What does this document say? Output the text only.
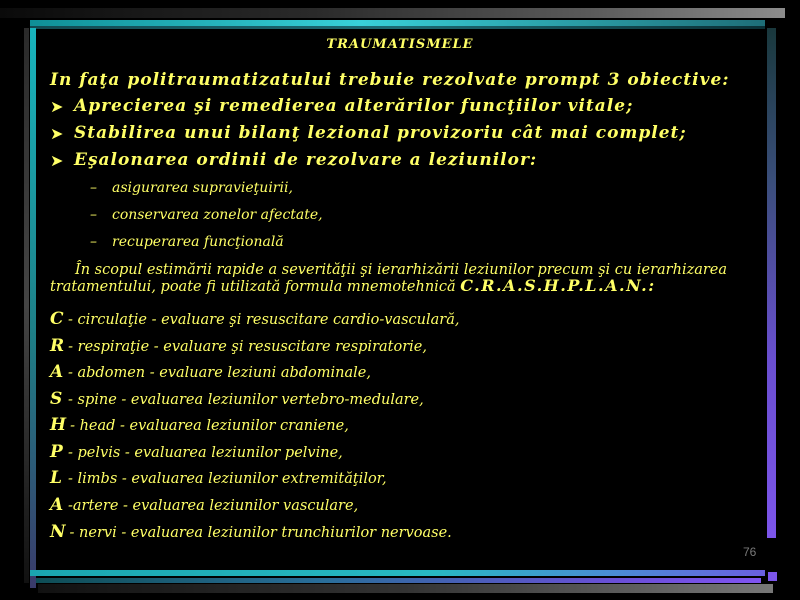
TRAUMATISMELE
In faţa politraumatizatului trebuie rezolvate prompt 3 obiective:
➤ Aprecierea şi remedierea alterărilor funcţiilor vitale;
➤ Stabilirea unui bilanţ lezional provizoriu cât mai complet;
➤ Eşalonarea ordinii de rezolvare a leziunilor:
– asigurarea supravieţuirii,
– conservarea zonelor afectate,
– recuperarea funcţională
În scopul estimării rapide a severităţii şi ierarhizării leziunilor precum şi cu ierarhizarea tratamentului, poate fi utilizată formula mnemotehnică C.R.A.S.H.P.L.A.N.:
C - circulaţie - evaluare şi resuscitare cardio-vasculară,
R - respiraţie - evaluare şi resuscitare respiratorie,
A - abdomen - evaluare leziuni abdominale,
S - spine - evaluarea leziunilor vertebro-medulare,
H - head - evaluarea leziunilor craniene,
P - pelvis - evaluarea leziunilor pelvine,
L - limbs - evaluarea leziunilor extremităţilor,
A -artere - evaluarea leziunilor vasculare,
N - nervi - evaluarea leziunilor trunchiurilor nervoase.
76
